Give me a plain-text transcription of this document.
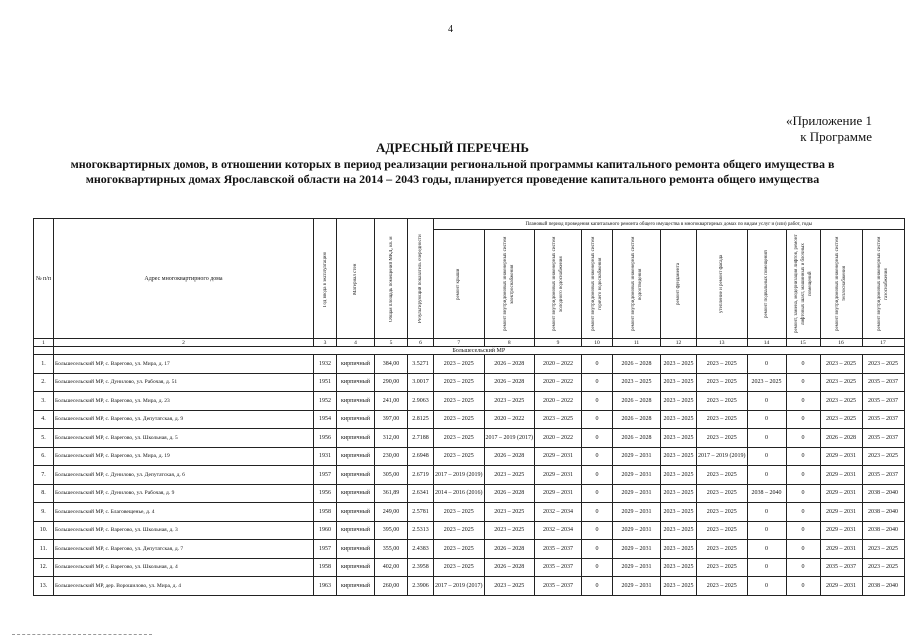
4
«Приложение 1
к Программе
АДРЕСНЫЙ ПЕРЕЧЕНЬ
многоквартирных домов, в отношении которых в период реализации региональной программы капитального ремонта общего имущества в многоквартирных домах Ярославской области на 2014 – 2043 годы, планируется проведение капитального ремонта общего имущества
№ п/п	Адрес многоквартирного дома	Год ввода в эксплуатацию	Материал стен	Общая площадь помещений МКД, кв. м	Результирующий показатель очередности	Плановый период проведения капитального ремонта общего имущества в многоквартирных домах по видам услуг и (или) работ, годы										

						ремонт крыши	ремонт внутридомовых инженерных систем электроснабжения	ремонт внутридомовых инженерных систем холодного водоснабжения	ремонт внутридомовых инженерных систем горячего водоснабжения	ремонт внутридомовых инженерных систем водоотведения	ремонт фундамента	утепление и ремонт фасада	ремонт подвальных помещений	ремонт, замена, модернизация лифтов, ремонт лифтовых шахт, машинных и блочных помещений	ремонт внутридомовых инженерных систем теплоснабжения	ремонт внутридомовых инженерных систем газоснабжения

1	2	3	4	5	6	7	8	9	10	11	12	13	14	15	16	17
	Большесельский МР															
1.	Большесельский МР, с. Варегово, ул. Мира, д. 17	1932	кирпичный	384,00	3.5271	2023 – 2025	2026 – 2028	2020 – 2022	0	2026 – 2028	2023 – 2025	2023 – 2025	0	0	2023 – 2025	2023 – 2025
2.	Большесельский МР, с. Дуниловo, ул. Рабочая, д. 51	1951	кирпичный	290,00	3.0017	2023 – 2025	2026 – 2028	2020 – 2022	0	2023 – 2025	2023 – 2025	2023 – 2025	2023 – 2025	0	2023 – 2025	2035 – 2037
3.	Большесельский МР, с. Варегово, ул. Мира, д. 23	1952	кирпичный	241,00	2.9063	2023 – 2025	2023 – 2025	2020 – 2022	0	2026 – 2028	2023 – 2025	2023 – 2025	0	0	2023 – 2025	2035 – 2037
4.	Большесельский МР, с. Варегово, ул. Депутатская, д. 9	1954	кирпичный	397,00	2.8125	2023 – 2025	2020 – 2022	2023 – 2025	0	2026 – 2028	2023 – 2025	2023 – 2025	0	0	2023 – 2025	2035 – 2037
5.	Большесельский МР, с. Варегово, ул. Школьная, д. 5	1956	кирпичный	312,00	2.7188	2023 – 2025	2017 – 2019 (2017)	2020 – 2022	0	2026 – 2028	2023 – 2025	2023 – 2025	0	0	2026 – 2028	2035 – 2037
6.	Большесельский МР, с. Варегово, ул. Мира, д. 19	1931	кирпичный	230,00	2.6948	2023 – 2025	2026 – 2028	2029 – 2031	0	2029 – 2031	2023 – 2025	2017 – 2019 (2019)	0	0	2029 – 2031	2023 – 2025
7.	Большесельский МР, с. Дуниловo, ул. Депутатская, д. 6	1957	кирпичный	305,00	2.6719	2017 – 2019 (2019)	2023 – 2025	2029 – 2031	0	2029 – 2031	2023 – 2025	2023 – 2025	0	0	2029 – 2031	2035 – 2037
8.	Большесельский МР, с. Дуниловo, ул. Рабочая, д. 9	1956	кирпичный	361,89	2.6341	2014 – 2016 (2016)	2026 – 2028	2029 – 2031	0	2029 – 2031	2023 – 2025	2023 – 2025	2038 – 2040	0	2029 – 2031	2038 – 2040
9.	Большесельский МР, с. Благовещенье, д. 4	1958	кирпичный	249,00	2.5781	2023 – 2025	2023 – 2025	2032 – 2034	0	2029 – 2031	2023 – 2025	2023 – 2025	0	0	2029 – 2031	2038 – 2040
10.	Большесельский МР, с. Варегово, ул. Школьная, д. 3	1960	кирпичный	395,00	2.5313	2023 – 2025	2023 – 2025	2032 – 2034	0	2029 – 2031	2023 – 2025	2023 – 2025	0	0	2029 – 2031	2038 – 2040
11.	Большесельский МР, с. Варегово, ул. Депутатская, д. 7	1957	кирпичный	355,00	2.4383	2023 – 2025	2026 – 2028	2035 – 2037	0	2029 – 2031	2023 – 2025	2023 – 2025	0	0	2029 – 2031	2023 – 2025
12.	Большесельский МР, с. Варегово, ул. Школьная, д. 4	1958	кирпичный	402,00	2.3958	2023 – 2025	2026 – 2028	2035 – 2037	0	2029 – 2031	2023 – 2025	2023 – 2025	0	0	2035 – 2037	2023 – 2025
13.	Большесельский МР, дер. Ворошилово, ул. Мира, д. 4	1963	кирпичный	260,00	2.3906	2017 – 2019 (2017)	2023 – 2025	2035 – 2037	0	2029 – 2031	2023 – 2025	2023 – 2025	0	0	2029 – 2031	2038 – 2040
